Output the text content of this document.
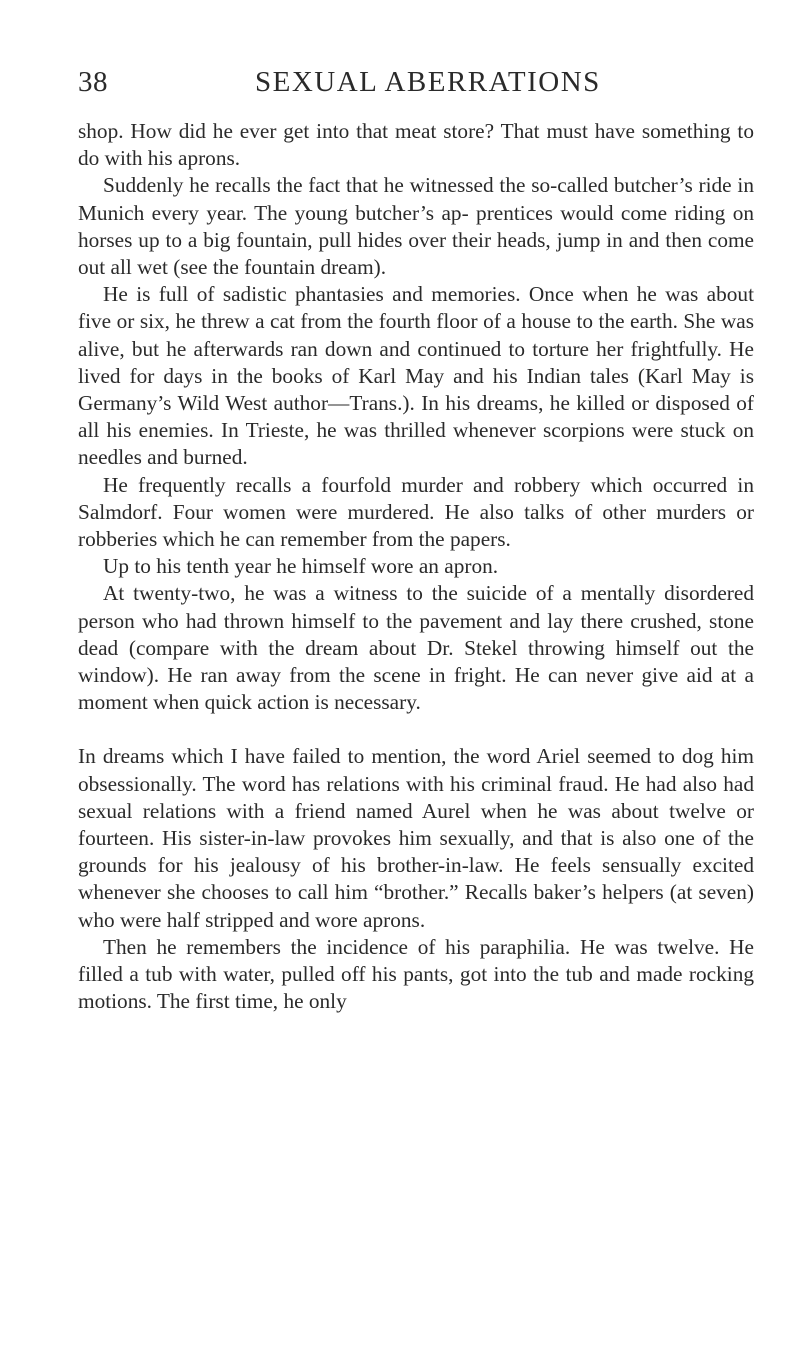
38	SEXUAL ABERRATIONS

shop. How did he ever get into that meat store? That must have something to do with his aprons.

Suddenly he recalls the fact that he witnessed the so-called butcher’s ride in Munich every year. The young butcher’s ap- prentices would come riding on horses up to a big fountain, pull hides over their heads, jump in and then come out all wet (see the fountain dream).

He is full of sadistic phantasies and memories. Once when he was about five or six, he threw a cat from the fourth floor of a house to the earth. She was alive, but he afterwards ran down and continued to torture her frightfully. He lived for days in the books of Karl May and his Indian tales (Karl May is Germany’s Wild West author—Trans.). In his dreams, he killed or disposed of all his enemies. In Trieste, he was thrilled whenever scorpions were stuck on needles and burned.

He frequently recalls a fourfold murder and robbery which occurred in Salmdorf. Four women were murdered. He also talks of other murders or robberies which he can remember from the papers.

Up to his tenth year he himself wore an apron.

At twenty-two, he was a witness to the suicide of a mentally disordered person who had thrown himself to the pavement and lay there crushed, stone dead (compare with the dream about Dr. Stekel throwing himself out the window). He ran away from the scene in fright. He can never give aid at a moment when quick action is necessary.

In dreams which I have failed to mention, the word Ariel seemed to dog him obsessionally. The word has relations with his criminal fraud. He had also had sexual relations with a friend named Aurel when he was about twelve or fourteen. His sister-in-law provokes him sexually, and that is also one of the grounds for his jealousy of his brother-in-law. He feels sensually excited whenever she chooses to call him “brother.” Recalls baker’s helpers (at seven) who were half stripped and wore aprons.

Then he remembers the incidence of his paraphilia. He was twelve. He filled a tub with water, pulled off his pants, got into the tub and made rocking motions. The first time, he only
